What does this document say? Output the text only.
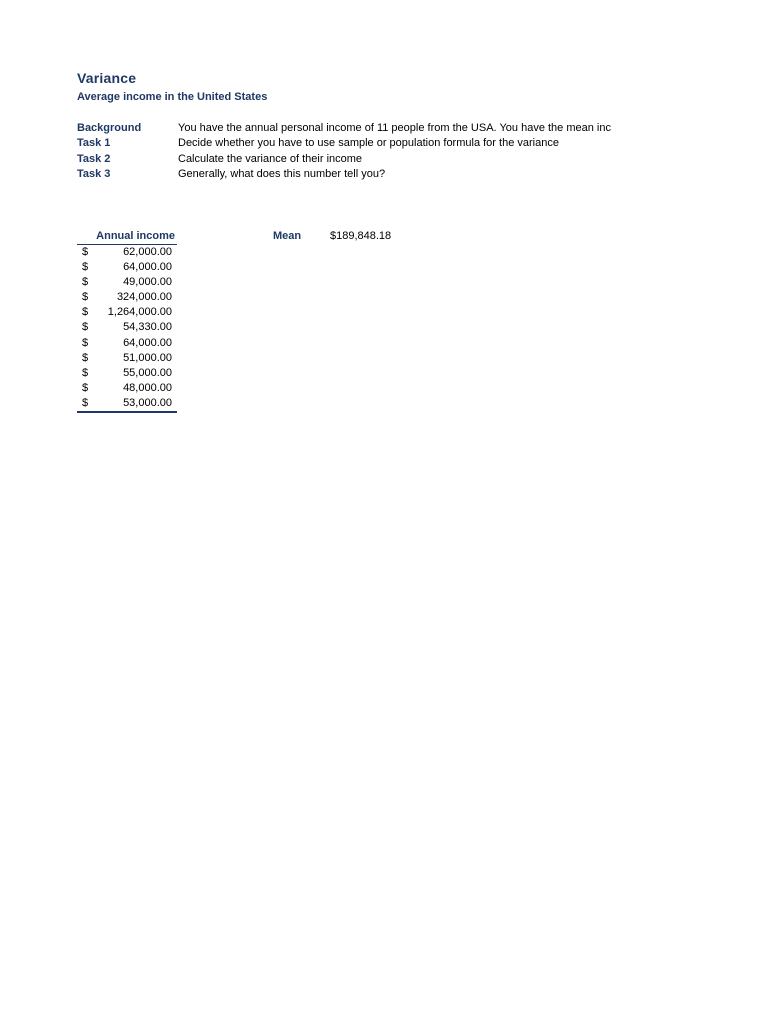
Variance
Average income in the United States
Background	You have the annual personal income of 11 people from the USA. You have the mean inc
Task 1	Decide whether you have to use sample or population formula for the variance
Task 2	Calculate the variance of their income
Task 3	Generally, what does this number tell you?
Annual income
$	62,000.00
$	64,000.00
$	49,000.00
$	324,000.00
$ 1,264,000.00
$	54,330.00
$	64,000.00
$	51,000.00
$	55,000.00
$	48,000.00
$	53,000.00
Mean	$189,848.18
